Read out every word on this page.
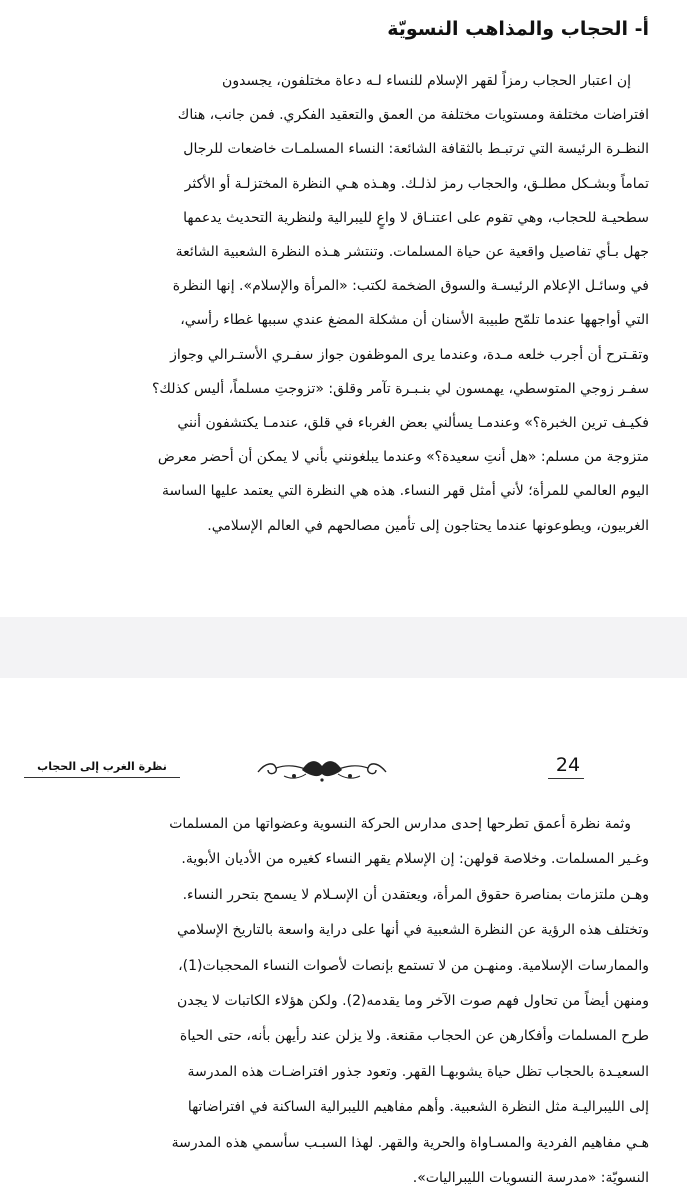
أ- الحجاب والمذاهب النسويّة
إن اعتبار الحجاب رمزاً لقهر الإسلام للنساء لـه دعاة مختلفون، يجسدون
افتراضات مختلفة ومستويات مختلفة من العمق والتعقيد الفكري. فمن جانب، هناك
النظـرة الرئيسة التي ترتبـط بالثقافة الشائعة: النساء المسلمـات خاضعات للرجال
تماماً وبشـكل مطلـق، والحجاب رمز لذلـك. وهـذه هـي النظرة المختزلـة أو الأكثر
سطحيـة للحجاب، وهي تقوم على اعتنـاق لا واعٍ لليبرالية ولنظرية التحديث يدعمها
جهل بـأي تفاصيل واقعية عن حياة المسلمات. وتنتشر هـذه النظرة الشعبية الشائعة
في وسائـل الإعلام الرئيسـة والسوق الضخمة لكتب: «المرأة والإسلام». إنها النظرة
التي أواجهها عندما تلمّح طبيبة الأسنان أن مشكلة المضغ عندي سببها غطاء رأسي،
وتقـترح أن أجرب خلعه مـدة، وعندما يرى الموظفون جواز سفـري الأستـرالي وجواز
سفـر زوجي المتوسطي، يهمسون لي بنـبـرة تآمر وقلق: «تزوجتِ مسلماً، أليس كذلك؟
فكيـف ترين الخبرة؟» وعندمـا يسألني بعض الغرباء في قلق، عندمـا يكتشفون أنني
متزوجة من مسلم: «هل أنتِ سعيدة؟» وعندما يبلغونني بأني لا يمكن أن أحضر معرض
اليوم العالمي للمرأة؛ لأني أمثل قهر النساء. هذه هي النظرة التي يعتمد عليها الساسة
الغربيون، ويطوعونها عندما يحتاجون إلى تأمين مصالحهم في العالم الإسلامي.
24
نظرة الغرب إلى الحجاب
وثمة نظرة أعمق تطرحها إحدى مدارس الحركة النسوية وعضواتها من المسلمات
وغـير المسلمات. وخلاصة قولهن: إن الإسلام يقهر النساء كغيره من الأديان الأبوية.
وهـن ملتزمات بمناصرة حقوق المرأة، ويعتقدن أن الإسـلام لا يسمح بتحرر النساء.
وتختلف هذه الرؤية عن النظرة الشعبية في أنها على دراية واسعة بالتاريخ الإسلامي
والممارسات الإسلامية. ومنهـن من لا تستمع بإنصات لأصوات النساء المحجبات(1)،
ومنهن أيضاً من تحاول فهم صوت الآخر وما يقدمه(2). ولكن هؤلاء الكاتبات لا يجدن
طرح المسلمات وأفكارهن عن الحجاب مقنعة. ولا يزلن عند رأيهن بأنه، حتى الحياة
السعيـدة بالحجاب تظل حياة يشوبهـا القهر. وتعود جذور افتراضـات هذه المدرسة
إلى الليبراليـة مثل النظرة الشعبية. وأهم مفاهيم الليبرالية الساكنة في افتراضاتها
هـي مفاهيم الفردية والمسـاواة والحرية والقهر. لهذا السبـب سأسمي هذه المدرسة
النسويّة: «مدرسة النسويات الليبراليات».
